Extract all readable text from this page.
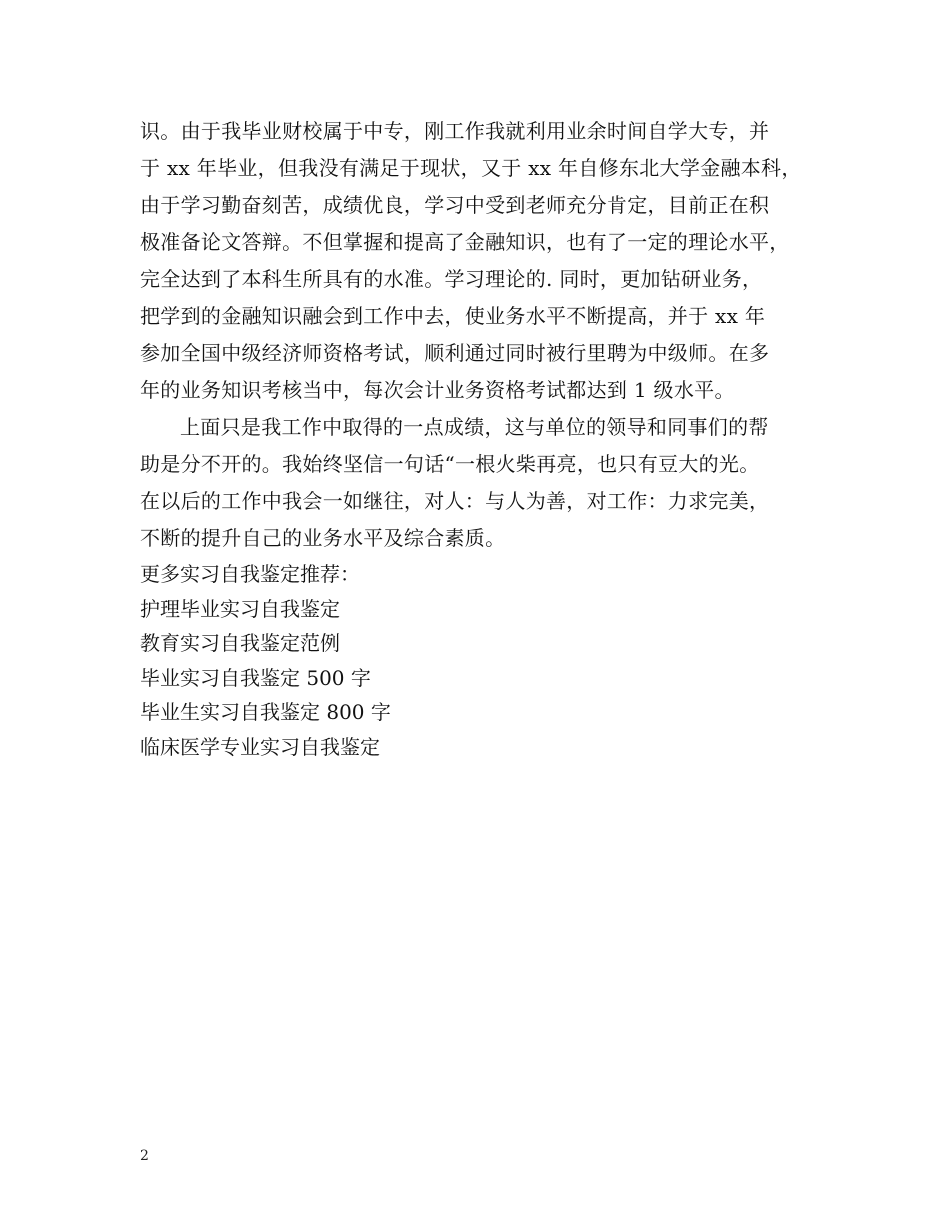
识。由于我毕业财校属于中专，刚工作我就利用业余时间自学大专，并
于 xx 年毕业，但我没有满足于现状，又于 xx 年自修东北大学金融本科，
由于学习勤奋刻苦，成绩优良，学习中受到老师充分肯定，目前正在积
极准备论文答辩。不但掌握和提高了金融知识，也有了一定的理论水平，
完全达到了本科生所具有的水准。学习理论的. 同时，更加钻研业务，
把学到的金融知识融会到工作中去，使业务水平不断提高，并于 xx 年
参加全国中级经济师资格考试，顺利通过同时被行里聘为中级师。在多
年的业务知识考核当中，每次会计业务资格考试都达到 1 级水平。
上面只是我工作中取得的一点成绩，这与单位的领导和同事们的帮
助是分不开的。我始终坚信一句话“一根火柴再亮，也只有豆大的光。
在以后的工作中我会一如继往，对人：与人为善，对工作：力求完美，
不断的提升自己的业务水平及综合素质。
更多实习自我鉴定推荐：
护理毕业实习自我鉴定
教育实习自我鉴定范例
毕业实习自我鉴定 500 字
毕业生实习自我鉴定 800 字
临床医学专业实习自我鉴定
2
